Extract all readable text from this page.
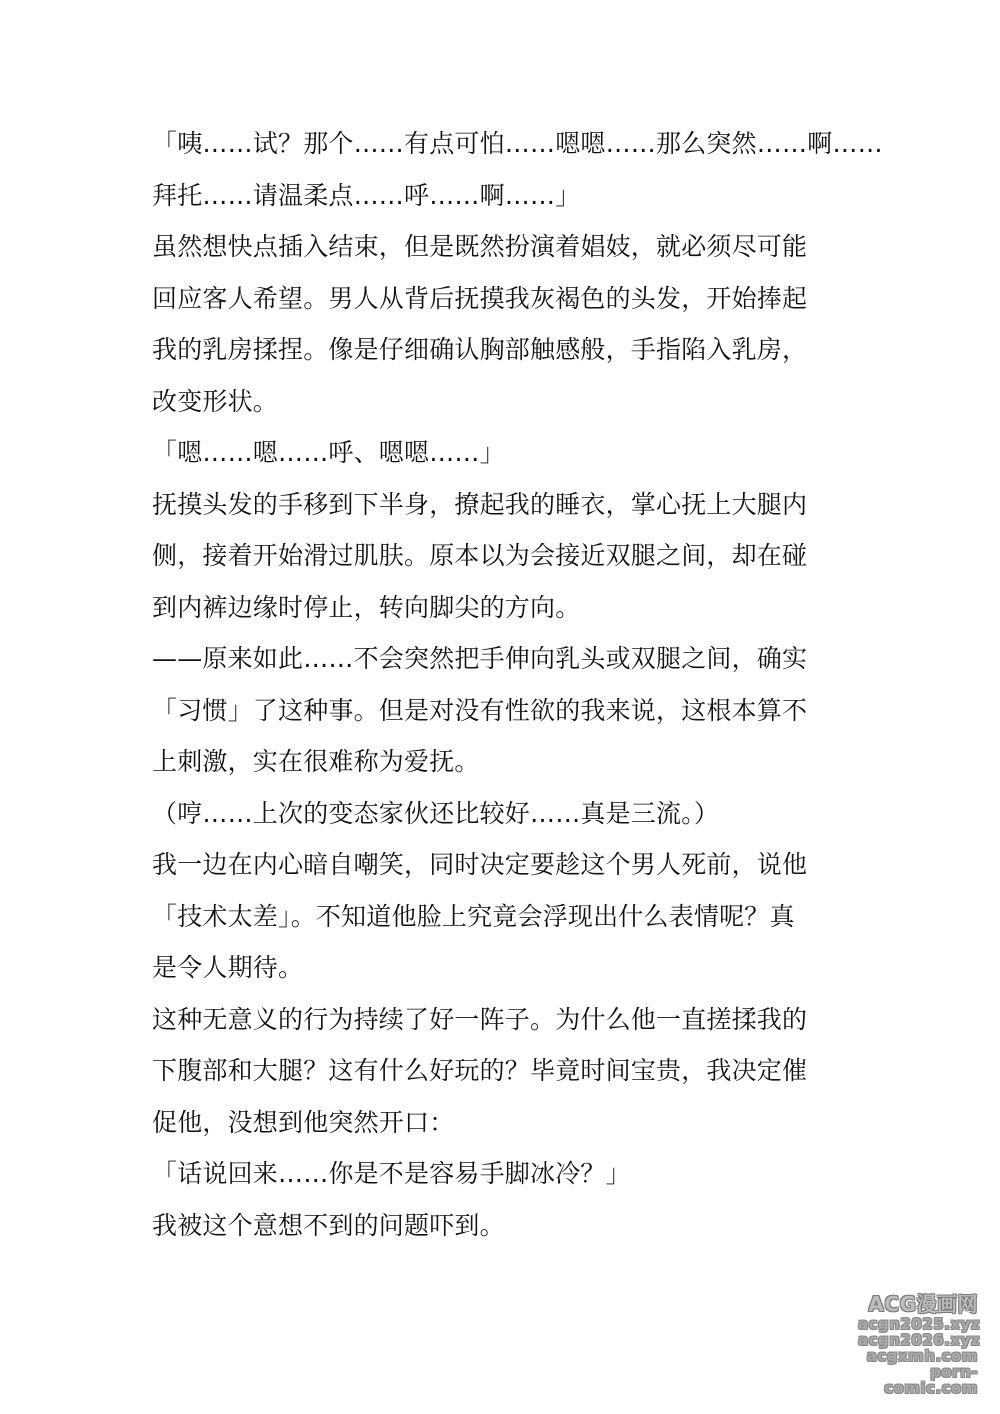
「咦……试？那个……有点可怕……嗯嗯……那么突然……啊……
拜托……请温柔点……呼……啊……」
虽然想快点插入结束，但是既然扮演着娼妓，就必须尽可能
回应客人希望。男人从背后抚摸我灰褐色的头发，开始捧起
我的乳房揉捏。像是仔细确认胸部触感般，手指陷入乳房，
改变形状。
「嗯……嗯……呼、嗯嗯……」
抚摸头发的手移到下半身，撩起我的睡衣，掌心抚上大腿内
侧，接着开始滑过肌肤。原本以为会接近双腿之间，却在碰
到内裤边缘时停止，转向脚尖的方向。
——原来如此……不会突然把手伸向乳头或双腿之间，确实
「习惯」了这种事。但是对没有性欲的我来说，这根本算不
上刺激，实在很难称为爱抚。
（哼……上次的变态家伙还比较好……真是三流。）
我一边在内心暗自嘲笑，同时决定要趁这个男人死前，说他
「技术太差」。不知道他脸上究竟会浮现出什么表情呢？真
是令人期待。
这种无意义的行为持续了好一阵子。为什么他一直搓揉我的
下腹部和大腿？这有什么好玩的？毕竟时间宝贵，我决定催
促他，没想到他突然开口：
「话说回来……你是不是容易手脚冰冷？」
我被这个意想不到的问题吓到。
ACG漫画网
acgn2025.xyz
acgn2026.xyz
acgxmh.com
porn-comic.com
